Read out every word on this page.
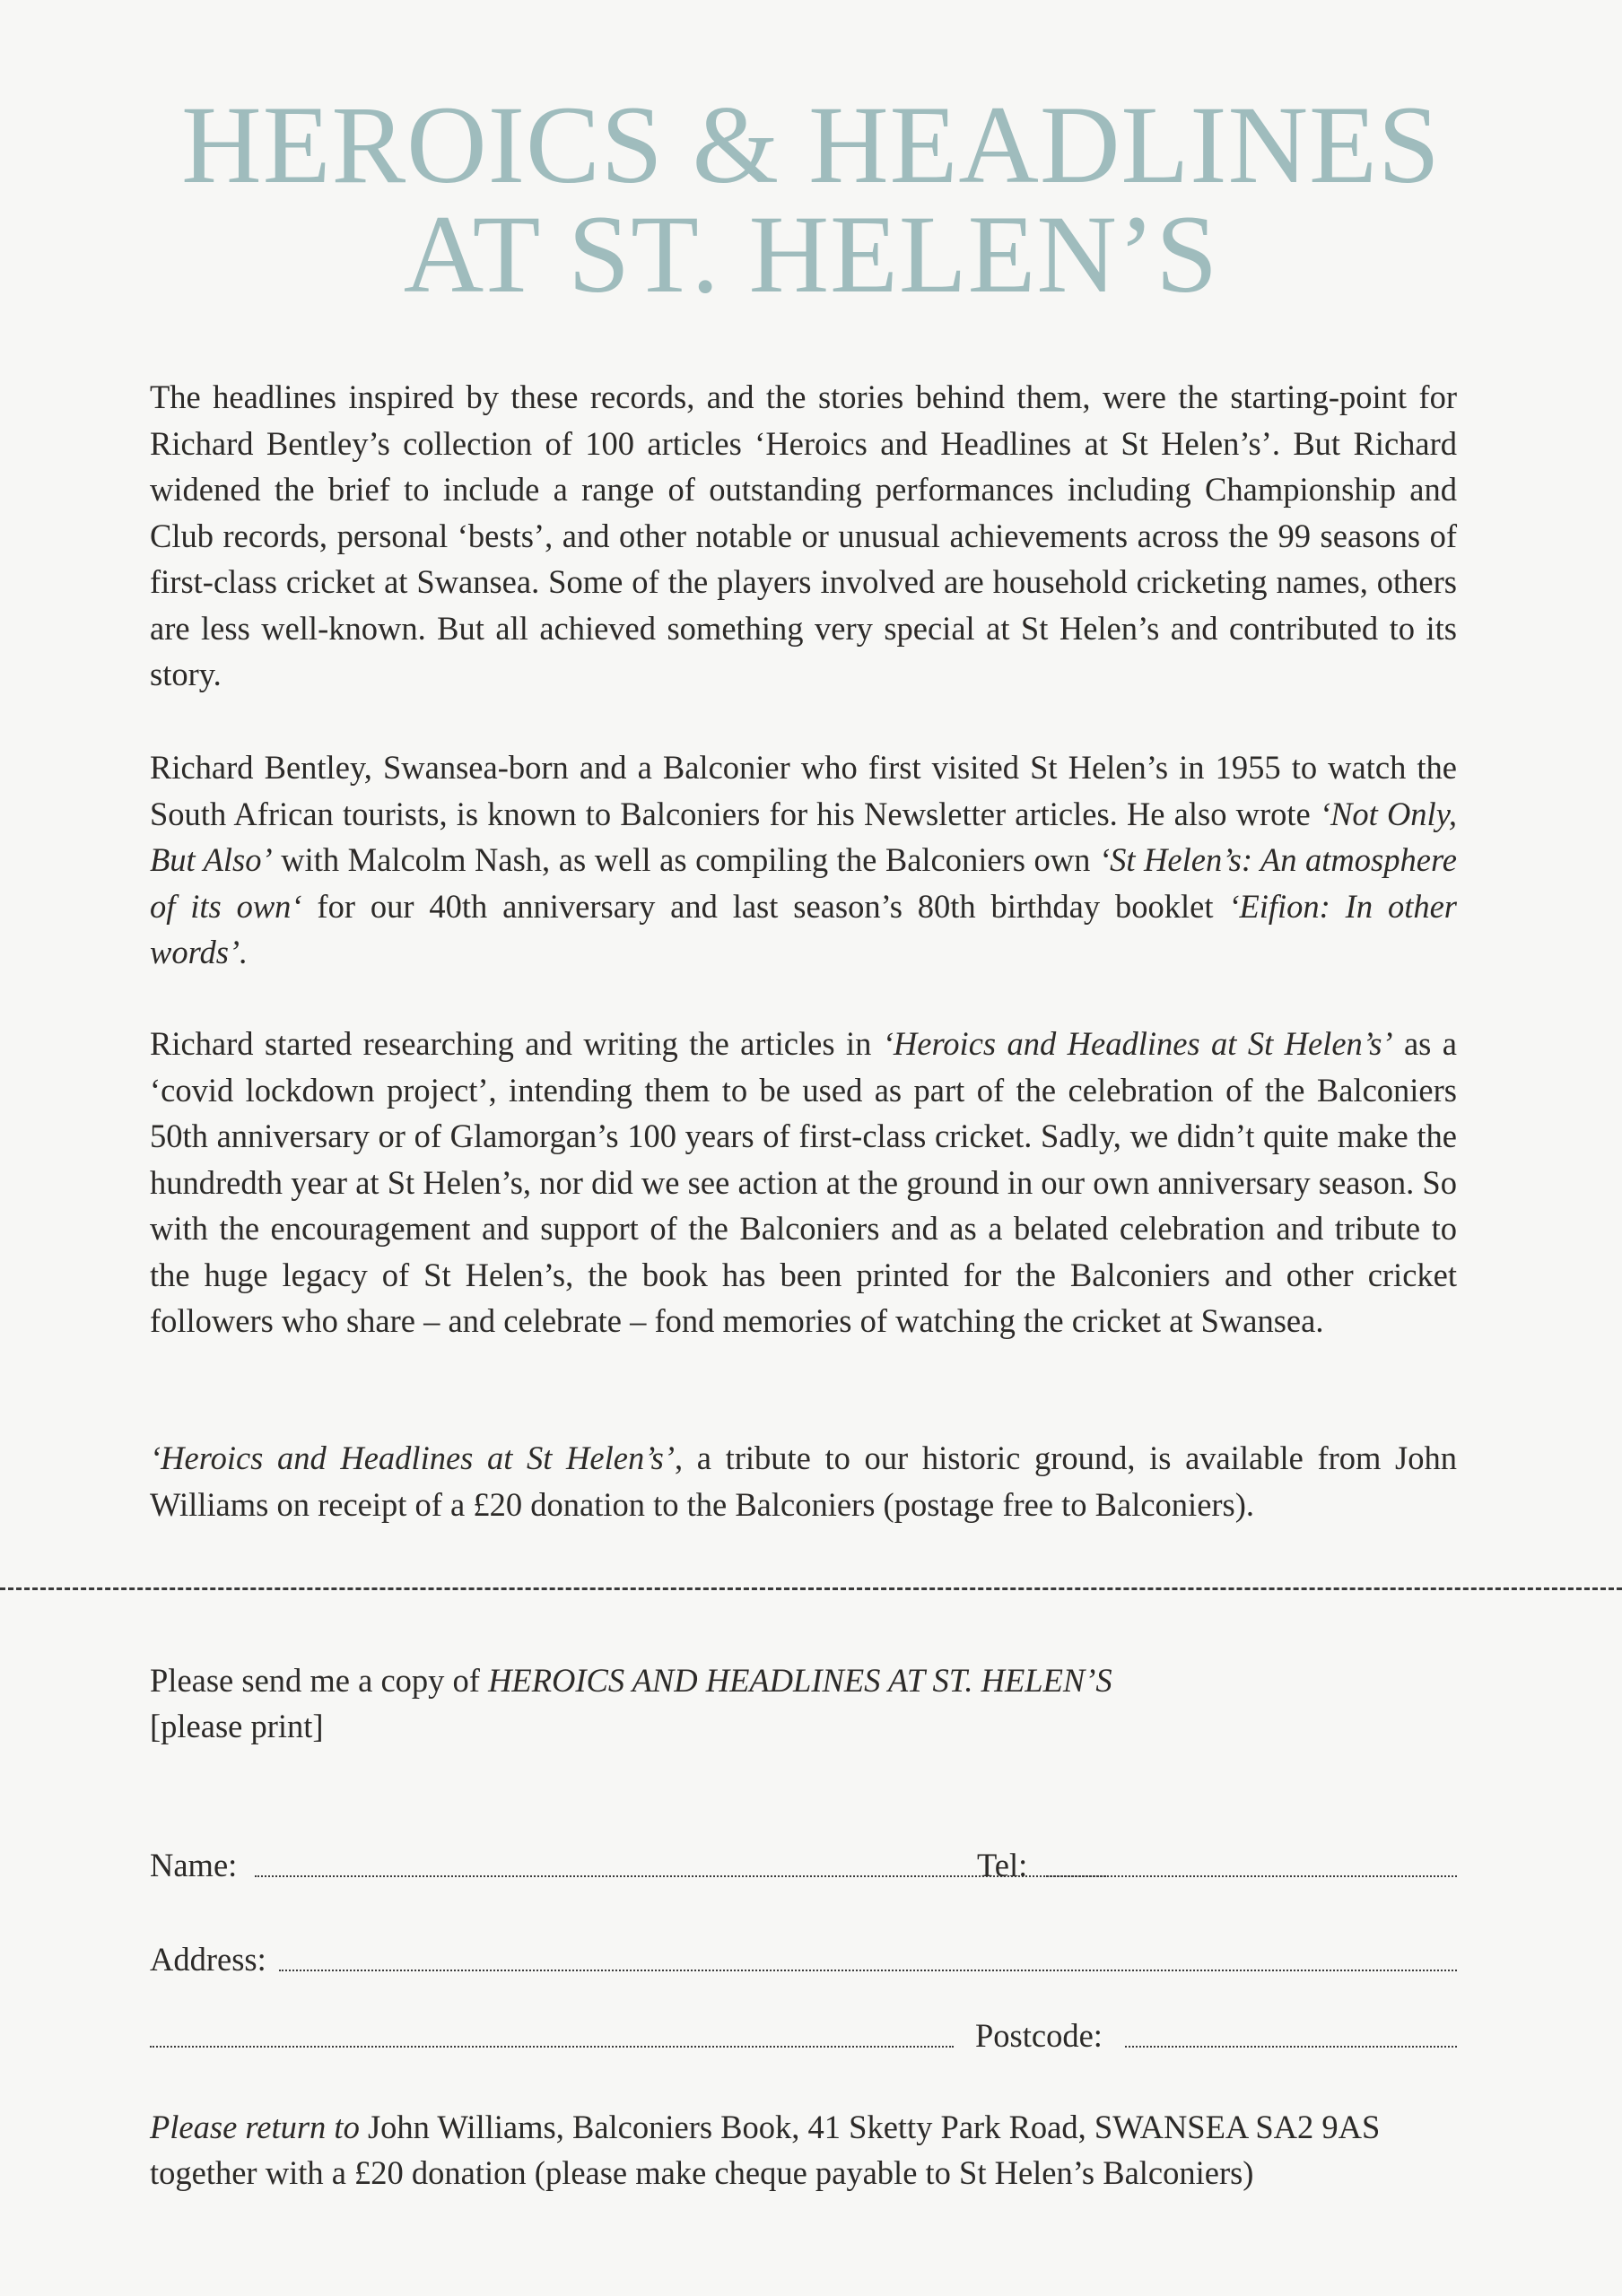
HEROICS & HEADLINES
AT ST. HELEN’S

The headlines inspired by these records, and the stories behind them, were the starting-point for Richard Bentley’s collection of 100 articles ‘Heroics and Headlines at St Helen’s’. But Richard widened the brief to include a range of outstanding performances including Championship and Club records, personal ‘bests’, and other notable or unusual achievements across the 99 seasons of first-class cricket at Swansea. Some of the players involved are household cricketing names, others are less well-known. But all achieved something very special at St Helen’s and contributed to its story.

Richard Bentley, Swansea-born and a Balconier who first visited St Helen’s in 1955 to watch the South African tourists, is known to Balconiers for his Newsletter articles. He also wrote ‘Not Only, But Also’ with Malcolm Nash, as well as compiling the Balconiers own ‘St Helen’s: An atmosphere of its own‘ for our 40th anniversary and last season’s 80th birthday booklet ‘Eifion: In other words’.

Richard started researching and writing the articles in ‘Heroics and Headlines at St Helen’s’ as a ‘covid lockdown project’, intending them to be used as part of the celebration of the Balconiers 50th anniversary or of Glamorgan’s 100 years of first-class cricket. Sadly, we didn’t quite make the hundredth year at St Helen’s, nor did we see action at the ground in our own anniversary season. So with the encouragement and support of the Balconiers and as a belated celebration and tribute to the huge legacy of St Helen’s, the book has been printed for the Balconiers and other cricket followers who share – and celebrate – fond memories of watching the cricket at Swansea.

‘Heroics and Headlines at St Helen’s’, a tribute to our historic ground, is available from John Williams on receipt of a £20 donation to the Balconiers (postage free to Balconiers).

Please send me a copy of HEROICS AND HEADLINES AT ST. HELEN’S
[please print]

Name:	Tel:
Address:
Postcode:

Please return to John Williams, Balconiers Book, 41 Sketty Park Road, SWANSEA SA2 9AS together with a £20 donation (please make cheque payable to St Helen’s Balconiers)
